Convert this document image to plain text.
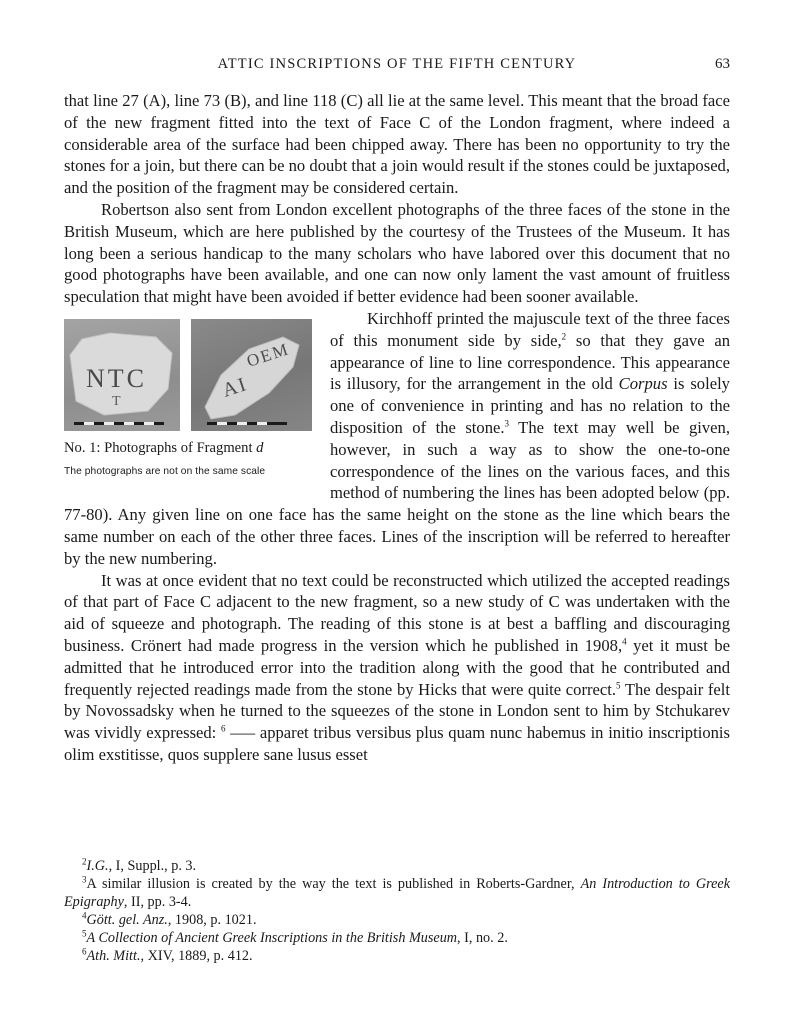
ATTIC INSCRIPTIONS OF THE FIFTH CENTURY	63

that line 27 (A), line 73 (B), and line 118 (C) all lie at the same level. This meant that the broad face of the new fragment fitted into the text of Face C of the London fragment, where indeed a considerable area of the surface had been chipped away. There has been no opportunity to try the stones for a join, but there can be no doubt that a join would result if the stones could be juxtaposed, and the position of the fragment may be considered certain.

Robertson also sent from London excellent photographs of the three faces of the stone in the British Museum, which are here published by the courtesy of the Trustees of the Museum. It has long been a serious handicap to the many scholars who have labored over this document that no good photographs have been available, and one can now only lament the vast amount of fruitless speculation that might have been avoided if better evidence had been sooner available.

NTC
T	AI
OEM
No. 1: Photographs of Fragment d
The photographs are not on the same scale

Kirchhoff printed the majuscule text of the three faces of this monument side by side,$^2$ so that they gave an appearance of line to line correspondence. This appearance is illusory, for the arrangement in the old Corpus is solely one of convenience in printing and has no relation to the disposition of the stone.$^3$ The text may well be given, however, in such a way as to show the one-to-one correspondence of the lines on the various faces, and this method of numbering the lines has been adopted below (pp. 77-80). Any given line on one face has the same height on the stone as the line which bears the same number on each of the other three faces. Lines of the inscription will be referred to hereafter by the new numbering.

It was at once evident that no text could be reconstructed which utilized the accepted readings of that part of Face C adjacent to the new fragment, so a new study of C was undertaken with the aid of squeeze and photograph. The reading of this stone is at best a baffling and discouraging business. Crönert had made progress in the version which he published in 1908,$^4$ yet it must be admitted that he introduced error into the tradition along with the good that he contributed and frequently rejected readings made from the stone by Hicks that were quite correct.$^5$ The despair felt by Novossadsky when he turned to the squeezes of the stone in London sent to him by Stchukarev was vividly expressed: $^6$ ––– apparet tribus versibus plus quam nunc habemus in initio inscriptionis olim exstitisse, quos supplere sane lusus esset

$^2$I.G., I, Suppl., p. 3.

$^3$A similar illusion is created by the way the text is published in Roberts-Gardner, An Introduction to Greek Epigraphy, II, pp. 3-4.

$^4$Gött. gel. Anz., 1908, p. 1021.

$^5$A Collection of Ancient Greek Inscriptions in the British Museum, I, no. 2.

$^6$Ath. Mitt., XIV, 1889, p. 412.
